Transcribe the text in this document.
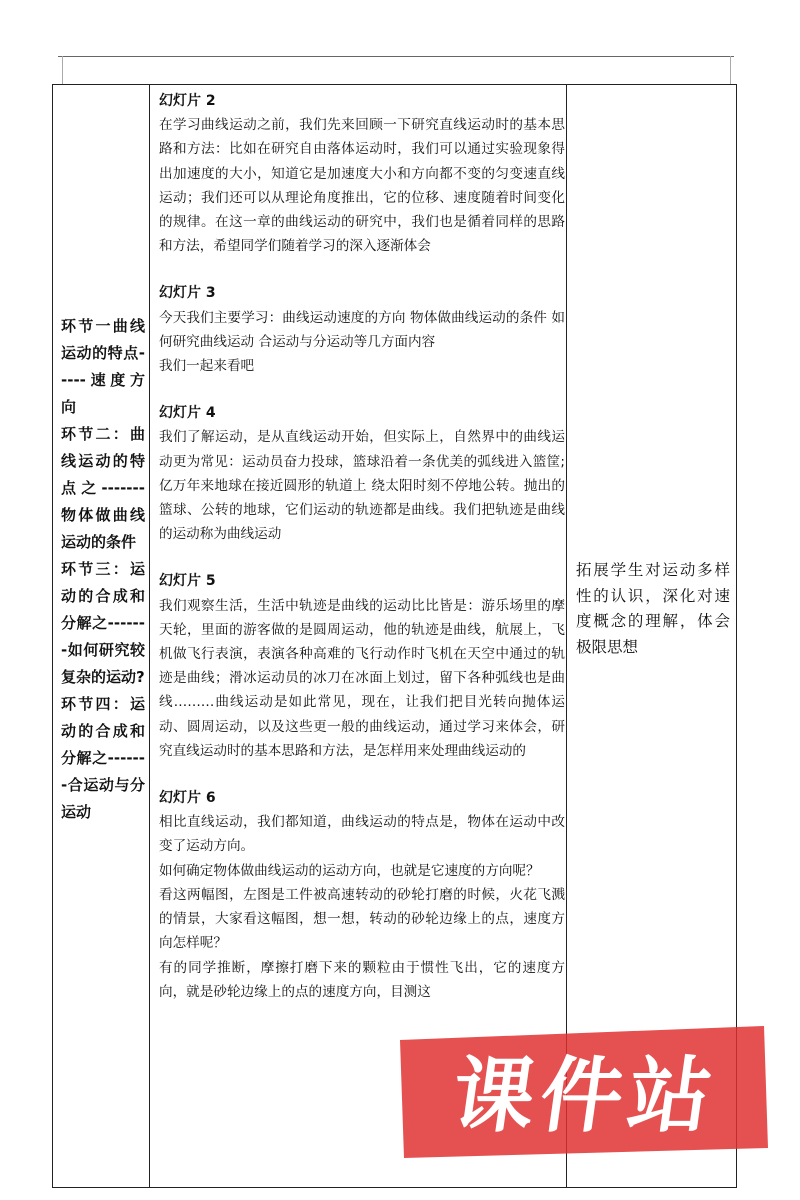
环节一曲线运动的特点-----速度方向
环节二：曲线运动的特点之-------物体做曲线运动的条件
环节三：运动的合成和分解之-------如何研究较复杂的运动?
环节四：运动的合成和分解之-------合运动与分运动
幻灯片 2
在学习曲线运动之前，我们先来回顾一下研究直线运动时的基本思路和方法：比如在研究自由落体运动时，我们可以通过实验现象得出加速度的大小，知道它是加速度大小和方向都不变的匀变速直线运动；我们还可以从理论角度推出，它的位移、速度随着时间变化的规律。在这一章的曲线运动的研究中，我们也是循着同样的思路和方法，希望同学们随着学习的深入逐渐体会
幻灯片 3
今天我们主要学习：曲线运动速度的方向 物体做曲线运动的条件 如何研究曲线运动 合运动与分运动等几方面内容
我们一起来看吧
幻灯片 4
我们了解运动，是从直线运动开始，但实际上，自然界中的曲线运动更为常见：运动员奋力投球，篮球沿着一条优美的弧线进入篮筐;亿万年来地球在接近圆形的轨道上 绕太阳时刻不停地公转。抛出的篮球、公转的地球，它们运动的轨迹都是曲线。我们把轨迹是曲线的运动称为曲线运动
幻灯片 5
我们观察生活，生活中轨迹是曲线的运动比比皆是：游乐场里的摩天轮，里面的游客做的是圆周运动，他的轨迹是曲线，航展上，飞机做飞行表演，表演各种高难的飞行动作时飞机在天空中通过的轨迹是曲线；滑冰运动员的冰刀在冰面上划过，留下各种弧线也是曲线………曲线运动是如此常见，现在，让我们把目光转向抛体运动、圆周运动，以及这些更一般的曲线运动，通过学习来体会，研究直线运动时的基本思路和方法，是怎样用来处理曲线运动的
幻灯片 6
相比直线运动，我们都知道，曲线运动的特点是，物体在运动中改变了运动方向。
如何确定物体做曲线运动的运动方向，也就是它速度的方向呢？
看这两幅图，左图是工件被高速转动的砂轮打磨的时候，火花飞溅的情景，大家看这幅图，想一想，转动的砂轮边缘上的点，速度方向怎样呢？
有的同学推断，摩擦打磨下来的颗粒由于惯性飞出，它的速度方向，就是砂轮边缘上的点的速度方向，目测这
拓展学生对运动多样性的认识，深化对速度概念的理解，体会极限思想
课件站
